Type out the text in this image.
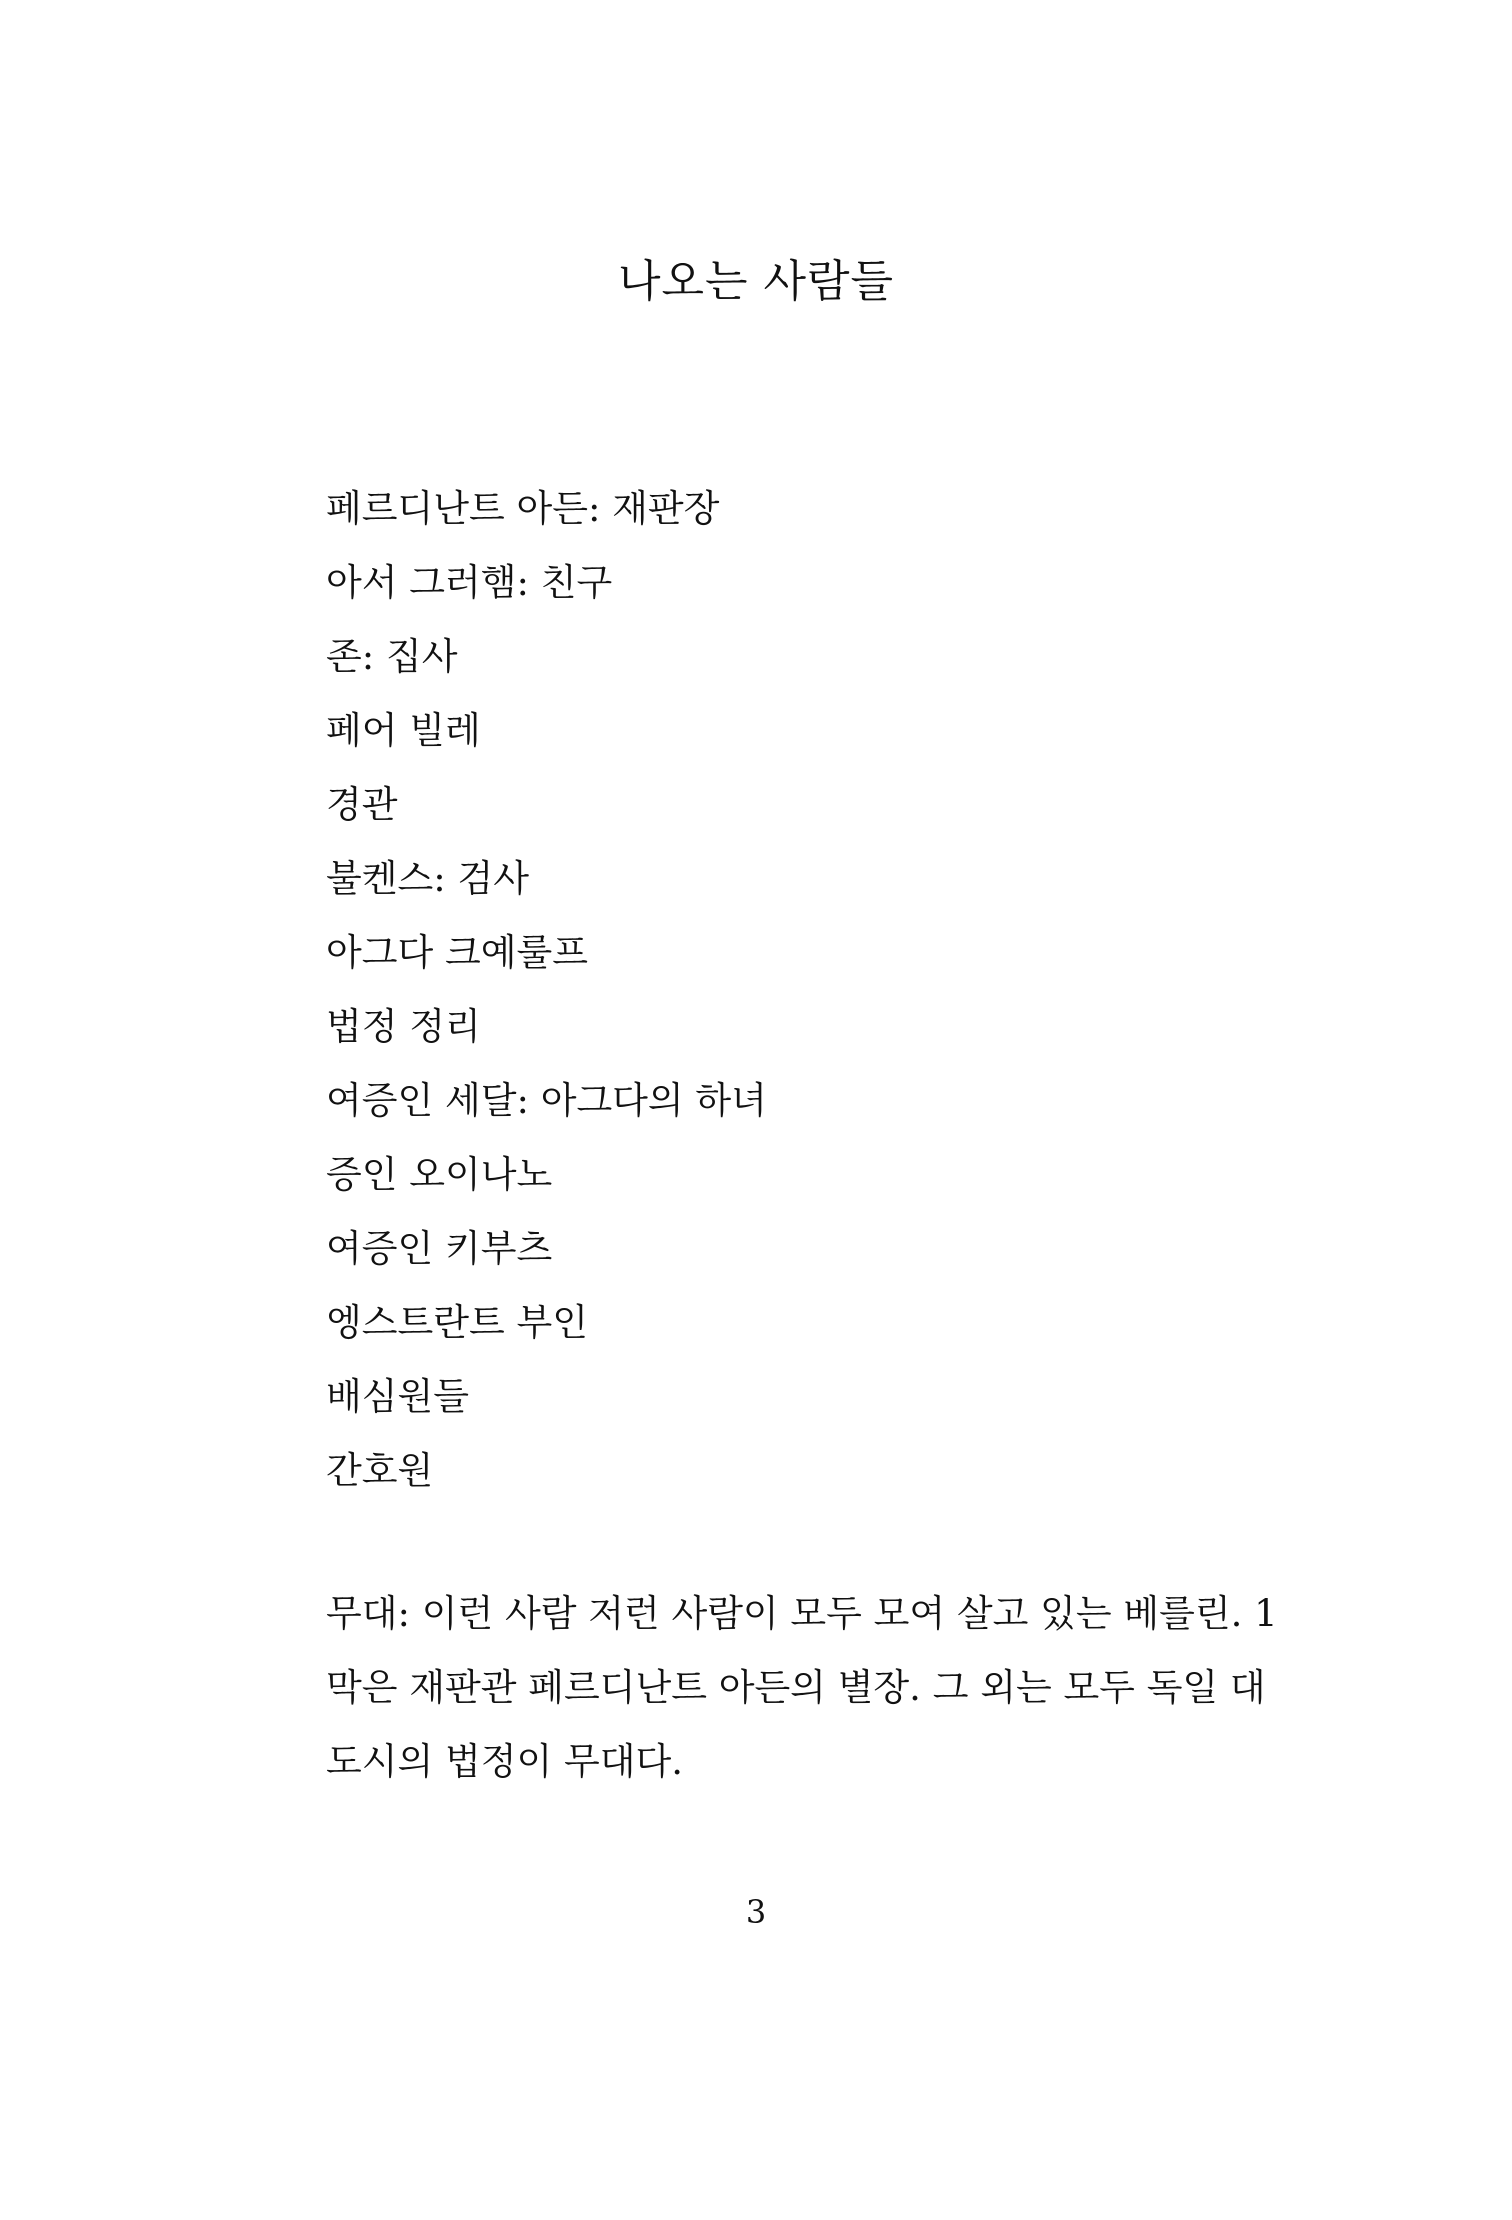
나오는 사람들
페르디난트 아든: 재판장
아서 그러햄: 친구
존: 집사
페어 빌레
경관
불켄스: 검사
아그다 크예룰프
법정 정리
여증인 세달: 아그다의 하녀
증인 오이나노
여증인 키부츠
엥스트란트 부인
배심원들
간호원

무대: 이런 사람 저런 사람이 모두 모여 살고 있는 베를린. 1
막은 재판관 페르디난트 아든의 별장. 그 외는 모두 독일 대
도시의 법정이 무대다.

3
